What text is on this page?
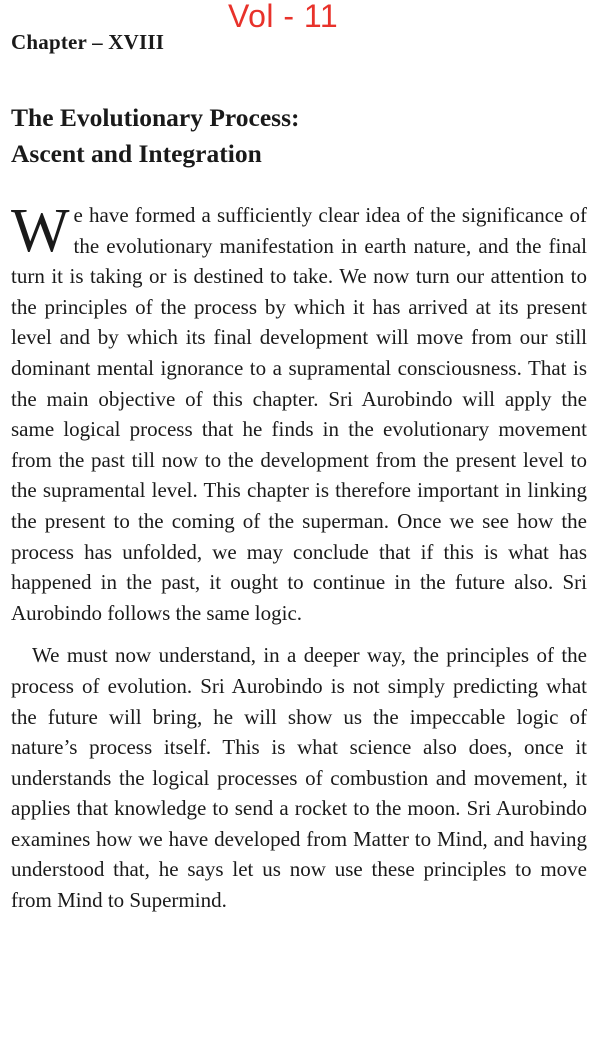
Chapter – XVIII
Vol - 11
The Evolutionary Process:
Ascent and Integration

We have formed a sufficiently clear idea of the significance of the evolutionary manifestation in earth nature, and the final turn it is taking or is destined to take. We now turn our attention to the principles of the process by which it has arrived at its present level and by which its final development will move from our still dominant mental ignorance to a supramental consciousness. That is the main objective of this chapter. Sri Aurobindo will apply the same logical process that he finds in the evolutionary movement from the past till now to the development from the present level to the supramental level. This chapter is therefore important in linking the present to the coming of the superman. Once we see how the process has unfolded, we may conclude that if this is what has happened in the past, it ought to continue in the future also. Sri Aurobindo follows the same logic.

We must now understand, in a deeper way, the principles of the process of evolution. Sri Aurobindo is not simply predicting what the future will bring, he will show us the impeccable logic of nature’s process itself. This is what science also does, once it understands the logical processes of combustion and movement, it applies that knowledge to send a rocket to the moon. Sri Aurobindo examines how we have developed from Matter to Mind, and having understood that, he says let us now use these principles to move from Mind to Supermind.
